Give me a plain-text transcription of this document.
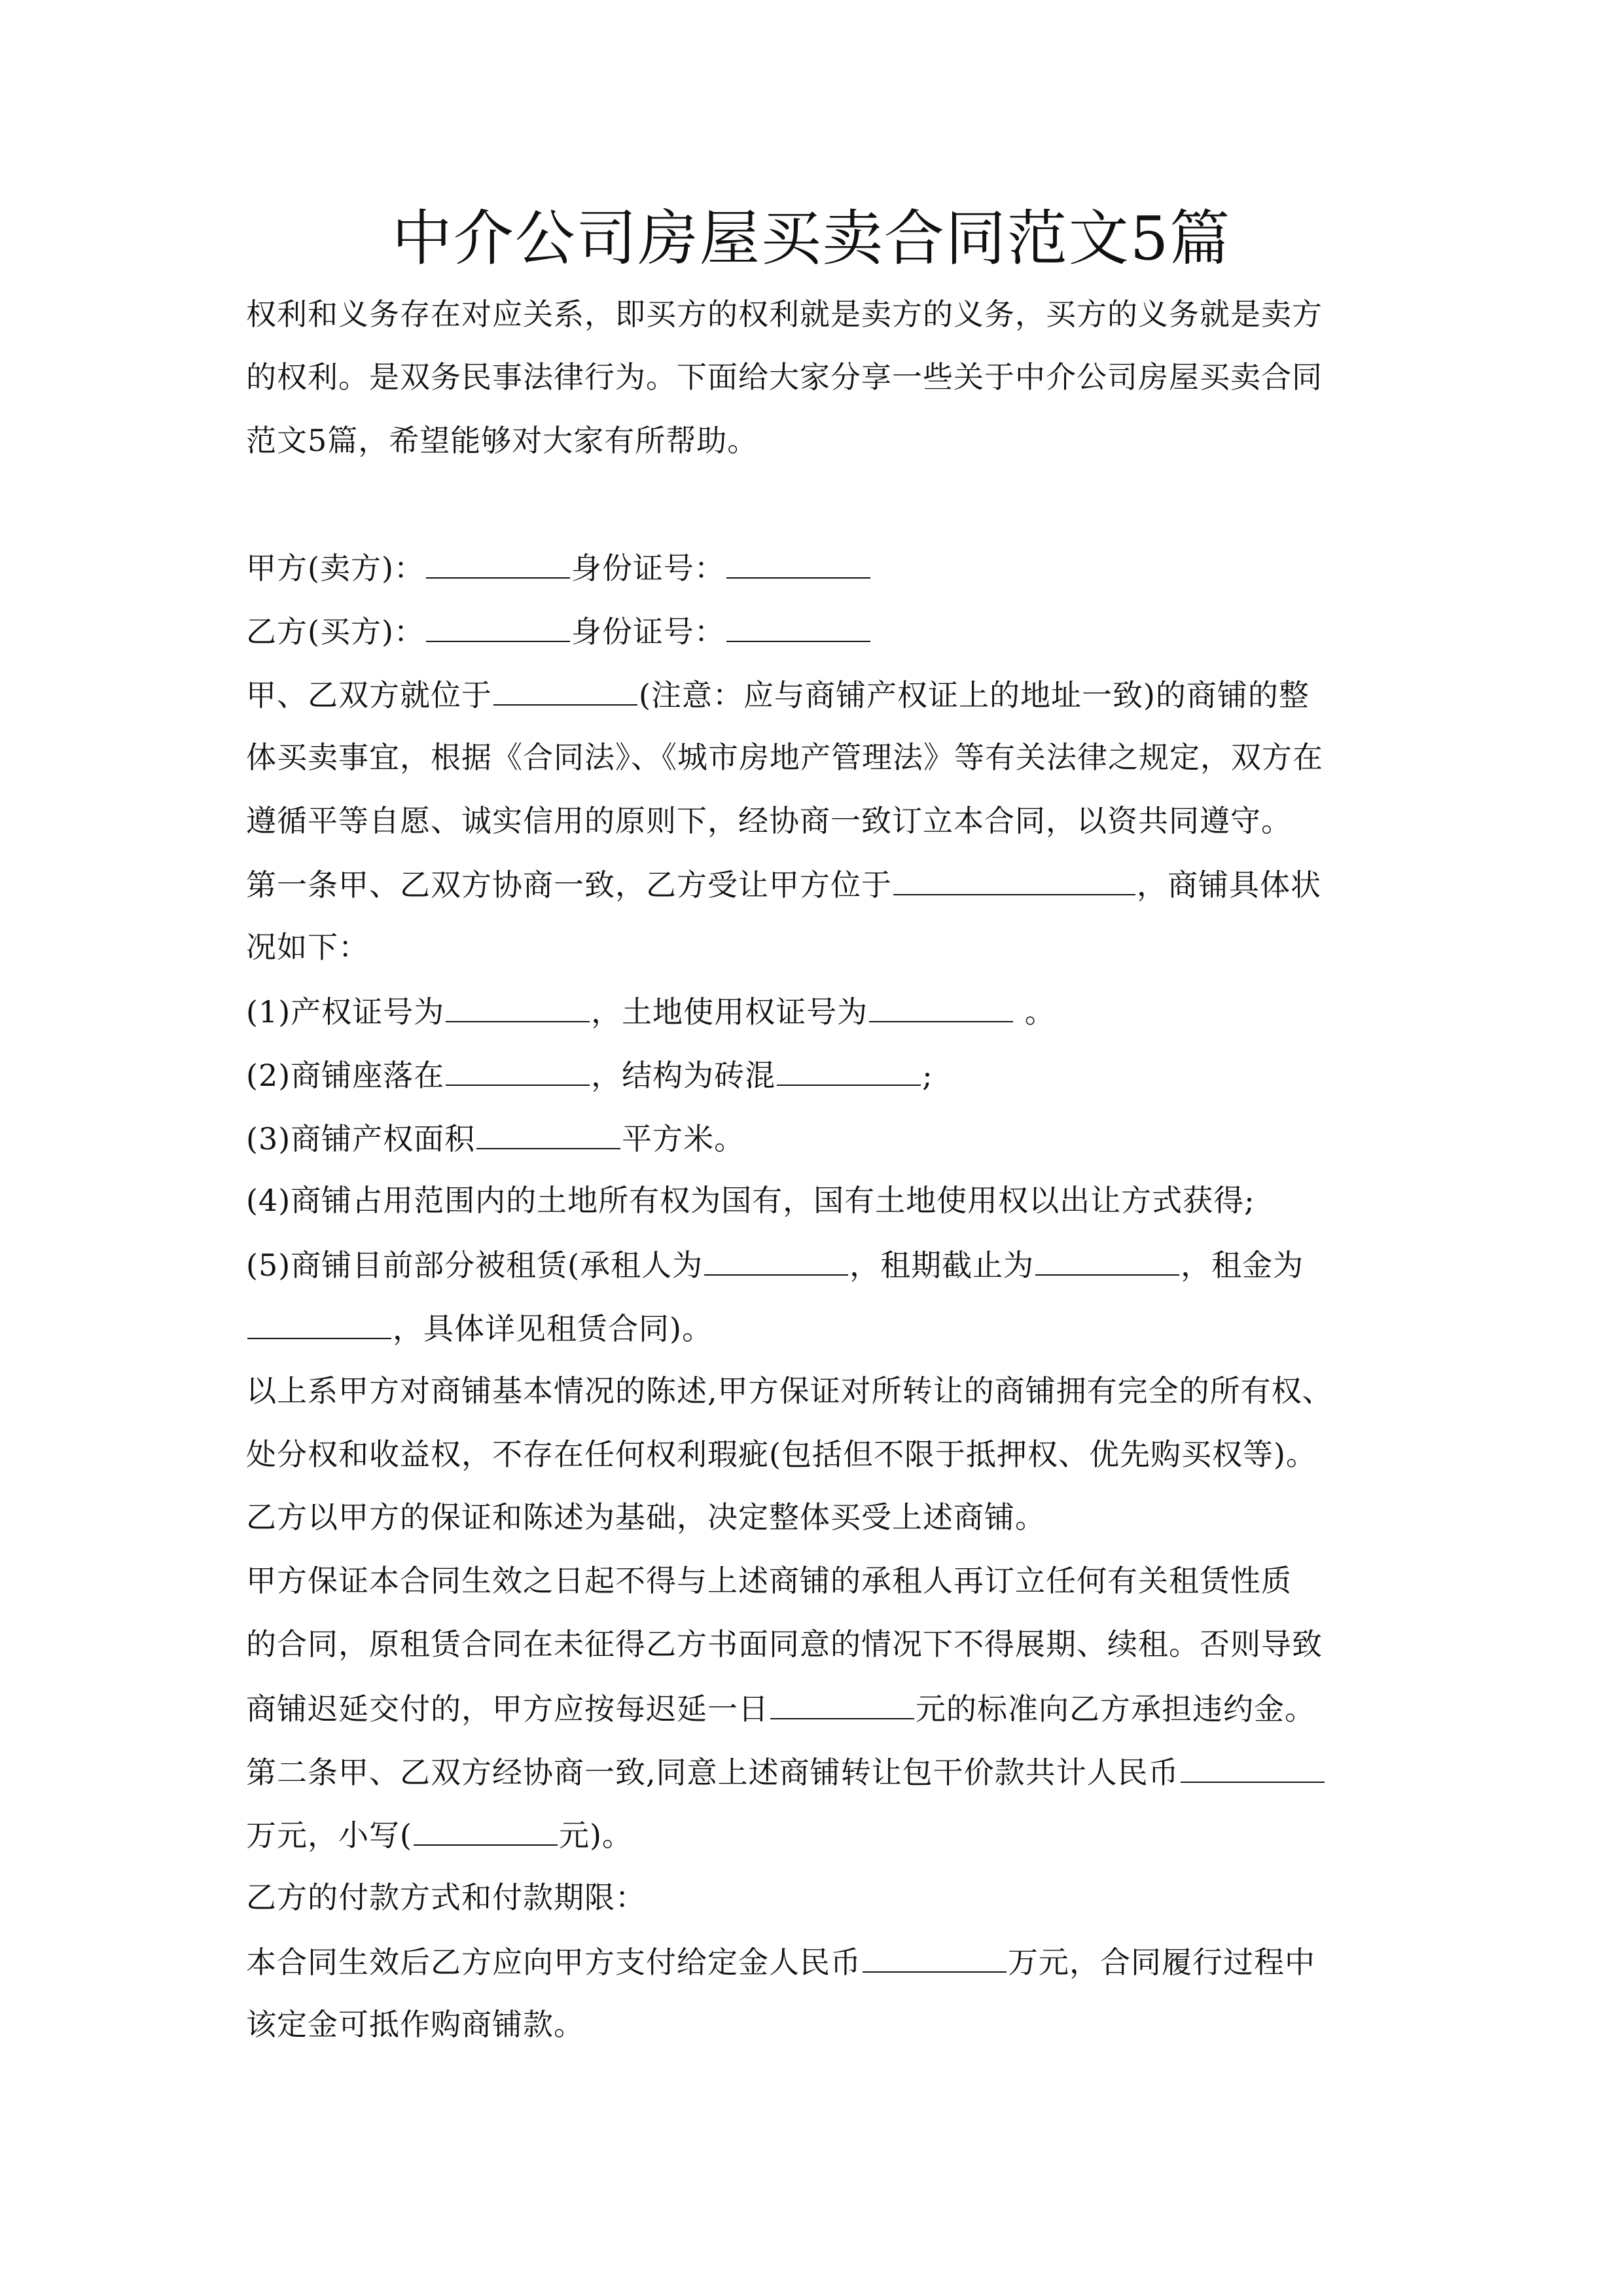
中介公司房屋买卖合同范文5篇
权利和义务存在对应关系，即买方的权利就是卖方的义务，买方的义务就是卖方
的权利。是双务民事法律行为。下面给大家分享一些关于中介公司房屋买卖合同
范文5篇，希望能够对大家有所帮助。
甲方(卖方)：	身份证号：
乙方(买方)：	身份证号：
甲、乙双方就位于	(注意：应与商铺产权证上的地址一致)的商铺的整
体买卖事宜，根据《合同法》、《城市房地产管理法》等有关法律之规定，双方在
遵循平等自愿、诚实信用的原则下，经协商一致订立本合同，以资共同遵守。
第一条甲、乙双方协商一致，乙方受让甲方位于	，商铺具体状
况如下：
(1)产权证号为	，土地使用权证号为	。
(2)商铺座落在	，结构为砖混	;
(3)商铺产权面积	平方米。
(4)商铺占用范围内的土地所有权为国有，国有土地使用权以出让方式获得;
(5)商铺目前部分被租赁(承租人为	，租期截止为	，租金为
，具体详见租赁合同)。
以上系甲方对商铺基本情况的陈述,甲方保证对所转让的商铺拥有完全的所有权、
处分权和收益权，不存在任何权利瑕疵(包括但不限于抵押权、优先购买权等)。
乙方以甲方的保证和陈述为基础，决定整体买受上述商铺。
甲方保证本合同生效之日起不得与上述商铺的承租人再订立任何有关租赁性质
的合同，原租赁合同在未征得乙方书面同意的情况下不得展期、续租。否则导致
商铺迟延交付的，甲方应按每迟延一日	元的标准向乙方承担违约金。
第二条甲、乙双方经协商一致,同意上述商铺转让包干价款共计人民币
万元，小写(	元)。
乙方的付款方式和付款期限：
本合同生效后乙方应向甲方支付给定金人民币	万元，合同履行过程中
该定金可抵作购商铺款。
